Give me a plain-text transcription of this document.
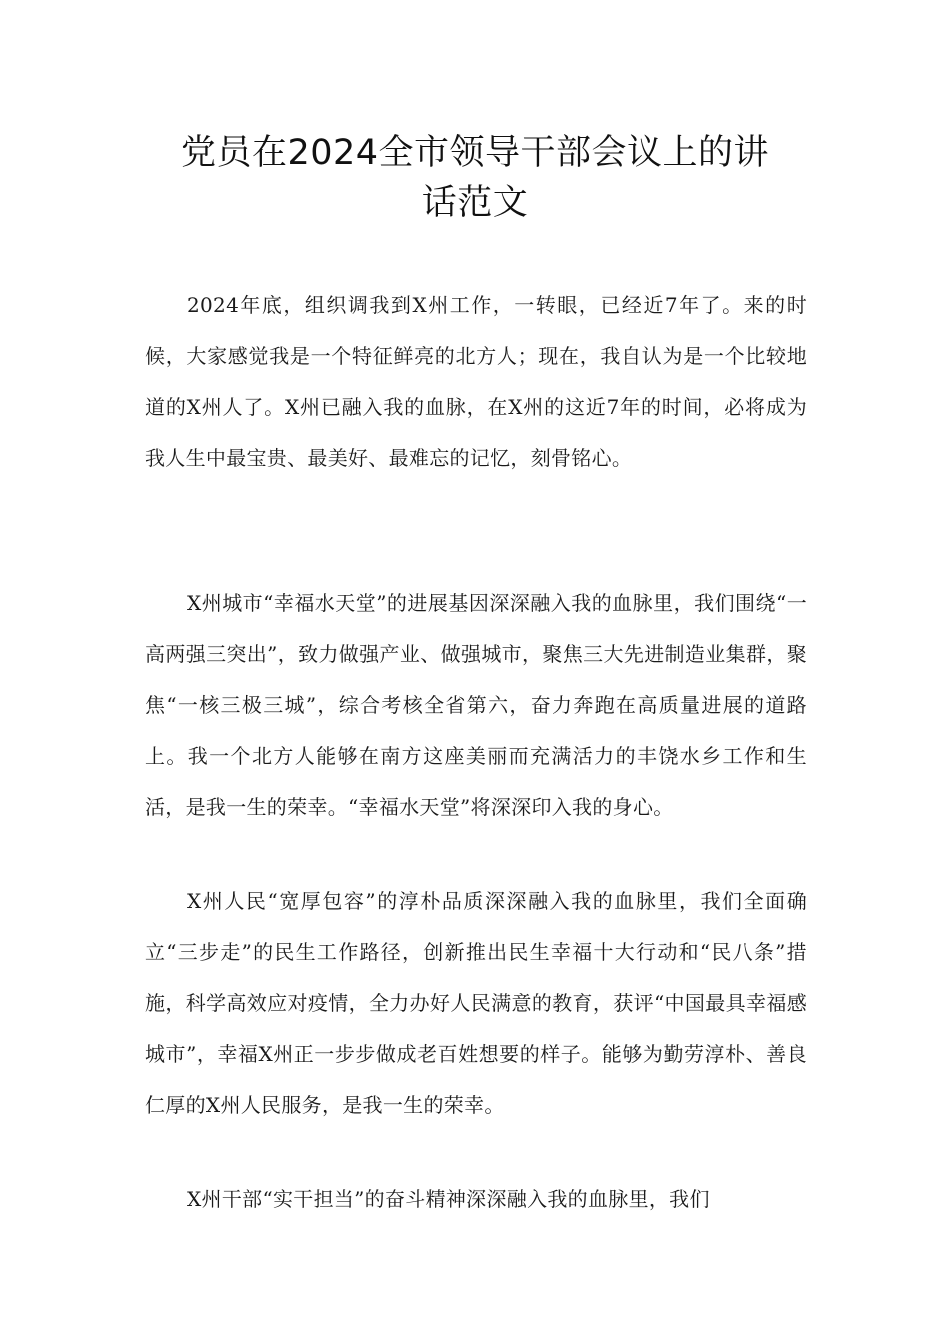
党员在2024全市领导干部会议上的讲
话范文

2024年底，组织调我到X州工作，一转眼，已经近7年了。来的时候，大家感觉我是一个特征鲜亮的北方人；现在，我自认为是一个比较地道的X州人了。X州已融入我的血脉，在X州的这近7年的时间，必将成为我人生中最宝贵、最美好、最难忘的记忆，刻骨铭心。

X州城市“幸福水天堂”的进展基因深深融入我的血脉里，我们围绕“一高两强三突出”，致力做强产业、做强城市，聚焦三大先进制造业集群，聚焦“一核三极三城”，综合考核全省第六，奋力奔跑在高质量进展的道路上。我一个北方人能够在南方这座美丽而充满活力的丰饶水乡工作和生活，是我一生的荣幸。“幸福水天堂”将深深印入我的身心。

X州人民“宽厚包容”的淳朴品质深深融入我的血脉里，我们全面确立“三步走”的民生工作路径，创新推出民生幸福十大行动和“民八条”措施，科学高效应对疫情，全力办好人民满意的教育，获评“中国最具幸福感城市”，幸福X州正一步步做成老百姓想要的样子。能够为勤劳淳朴、善良仁厚的X州人民服务，是我一生的荣幸。

X州干部“实干担当”的奋斗精神深深融入我的血脉里，我们
